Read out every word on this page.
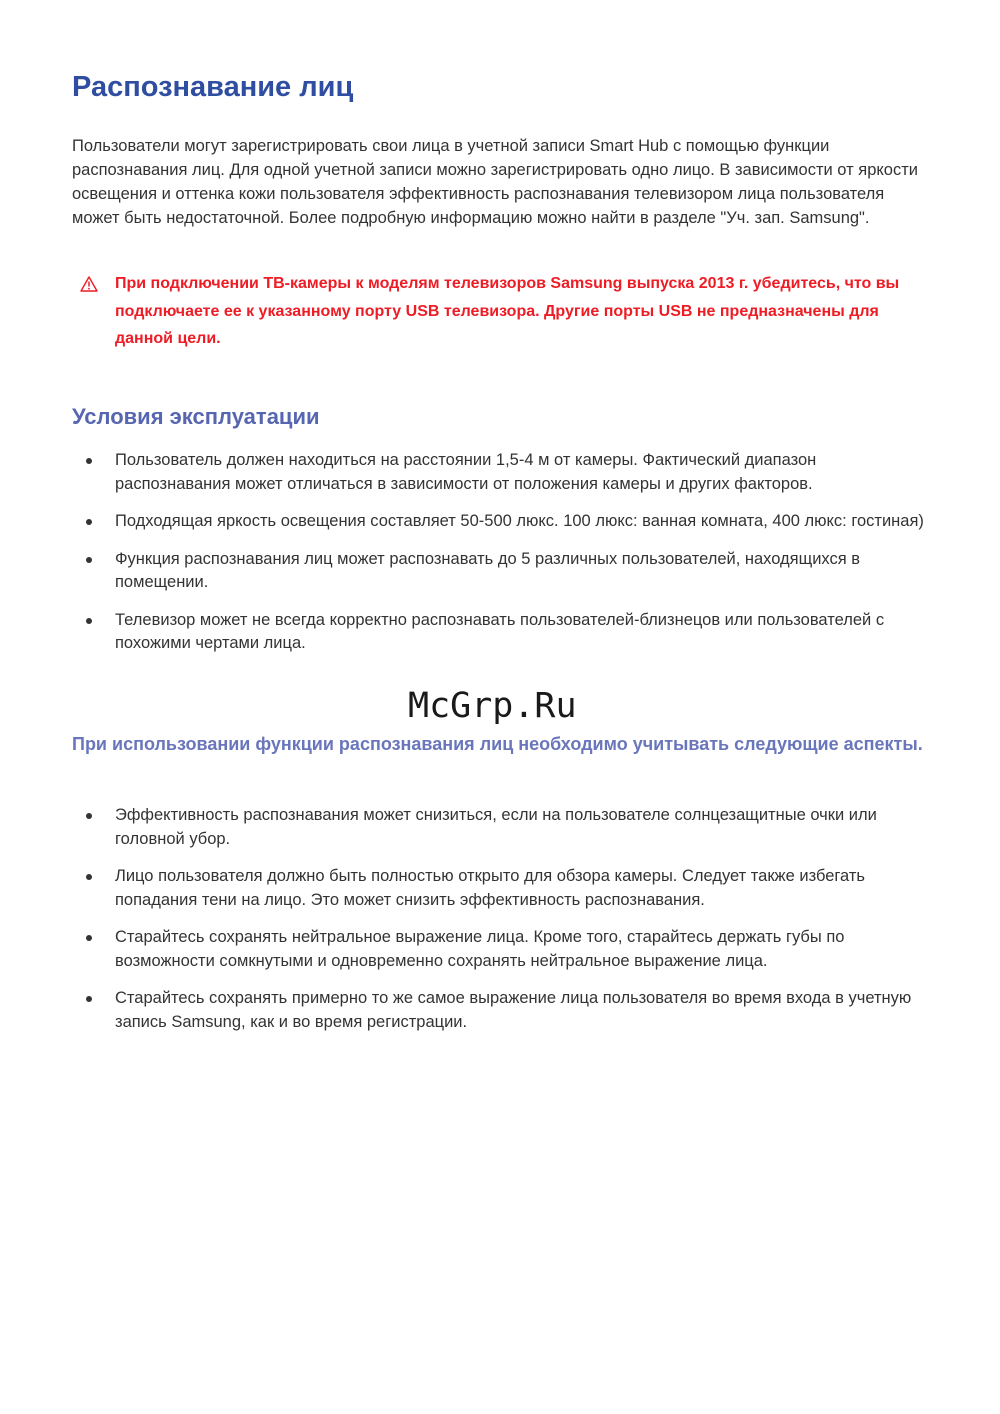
Распознавание лиц

Пользователи могут зарегистрировать свои лица в учетной записи Smart Hub с помощью функции распознавания лиц. Для одной учетной записи можно зарегистрировать одно лицо. В зависимости от яркости освещения и оттенка кожи пользователя эффективность распознавания телевизором лица пользователя может быть недостаточной. Более подробную информацию можно найти в разделе "Уч. зап. Samsung".

При подключении ТВ-камеры к моделям телевизоров Samsung выпуска 2013 г. убедитесь, что вы подключаете ее к указанному порту USB телевизора. Другие порты USB не предназначены для данной цели.

Условия эксплуатации
Пользователь должен находиться на расстоянии 1,5-4 м от камеры. Фактический диапазон распознавания может отличаться в зависимости от положения камеры и других факторов.
Подходящая яркость освещения составляет 50-500 люкс. 100 люкс: ванная комната, 400 люкс: гостиная)
Функция распознавания лиц может распознавать до 5 различных пользователей, находящихся в помещении.
Телевизор может не всегда корректно распознавать пользователей-близнецов или пользователей с похожими чертами лица.
При использовании функции распознавания лиц необходимо учитывать следующие аспекты.
Эффективность распознавания может снизиться, если на пользователе солнцезащитные очки или головной убор.
Лицо пользователя должно быть полностью открыто для обзора камеры. Следует также избегать попадания тени на лицо. Это может снизить эффективность распознавания.
Старайтесь сохранять нейтральное выражение лица. Кроме того, старайтесь держать губы по возможности сомкнутыми и одновременно сохранять нейтральное выражение лица.
Старайтесь сохранять примерно то же самое выражение лица пользователя во время входа в учетную запись Samsung, как и во время регистрации.
McGrp.Ru
